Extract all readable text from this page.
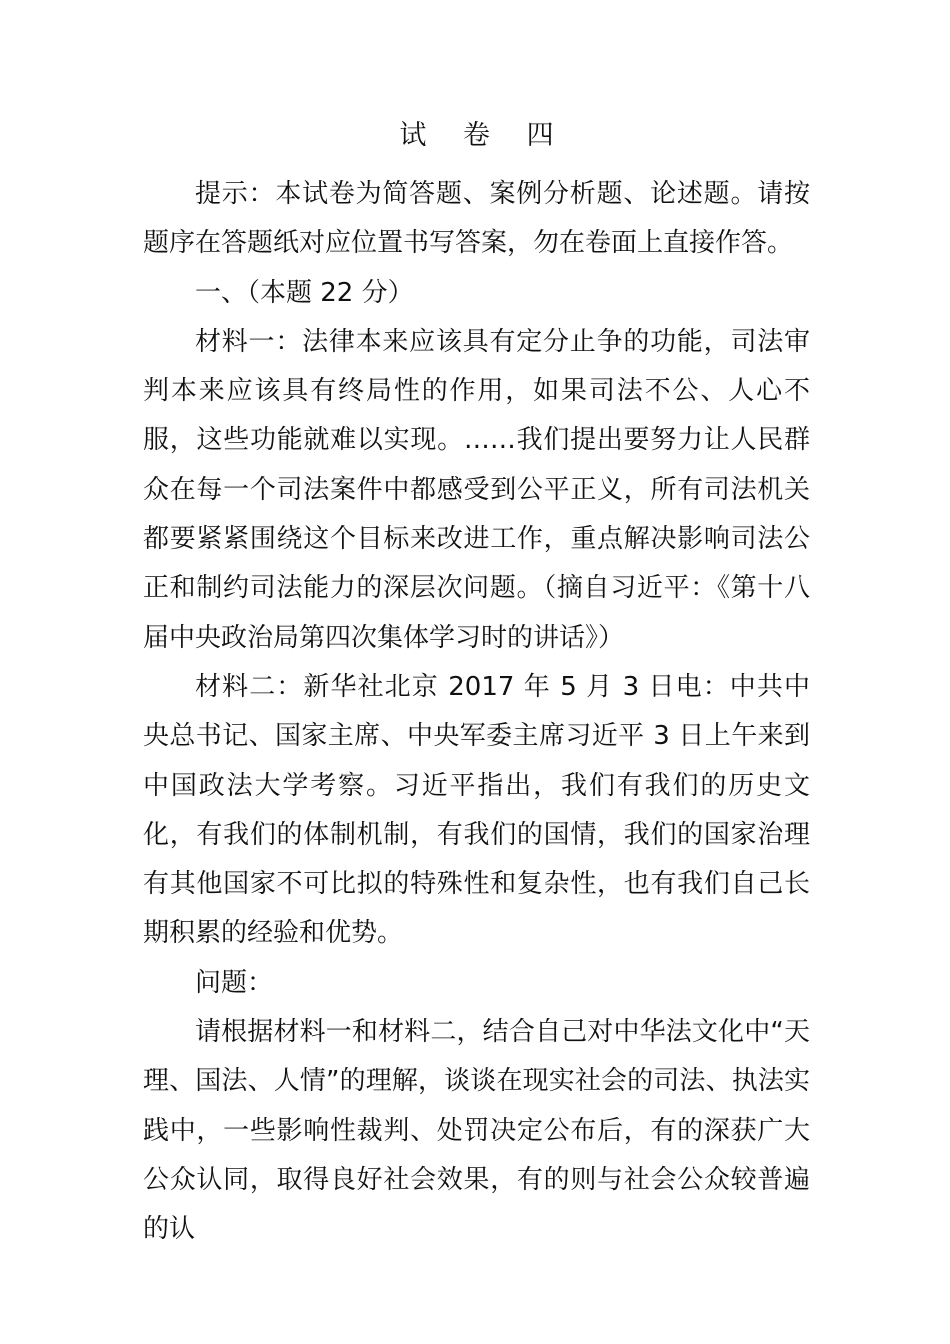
试 卷 四

提示：本试卷为简答题、案例分析题、论述题。请按题序在答题纸对应位置书写答案，勿在卷面上直接作答。

一、（本题 22 分）

材料一：法律本来应该具有定分止争的功能，司法审判本来应该具有终局性的作用，如果司法不公、人心不服，这些功能就难以实现。……我们提出要努力让人民群众在每一个司法案件中都感受到公平正义，所有司法机关都要紧紧围绕这个目标来改进工作，重点解决影响司法公正和制约司法能力的深层次问题。（摘自习近平：《第十八届中央政治局第四次集体学习时的讲话》）

材料二：新华社北京 2017 年 5 月 3 日电：中共中央总书记、国家主席、中央军委主席习近平 3 日上午来到中国政法大学考察。习近平指出，我们有我们的历史文化，有我们的体制机制，有我们的国情，我们的国家治理有其他国家不可比拟的特殊性和复杂性，也有我们自己长期积累的经验和优势。

问题：

请根据材料一和材料二，结合自己对中华法文化中“天理、国法、人情”的理解，谈谈在现实社会的司法、执法实践中，一些影响性裁判、处罚决定公布后，有的深获广大公众认同，取得良好社会效果，有的则与社会公众较普遍的认
